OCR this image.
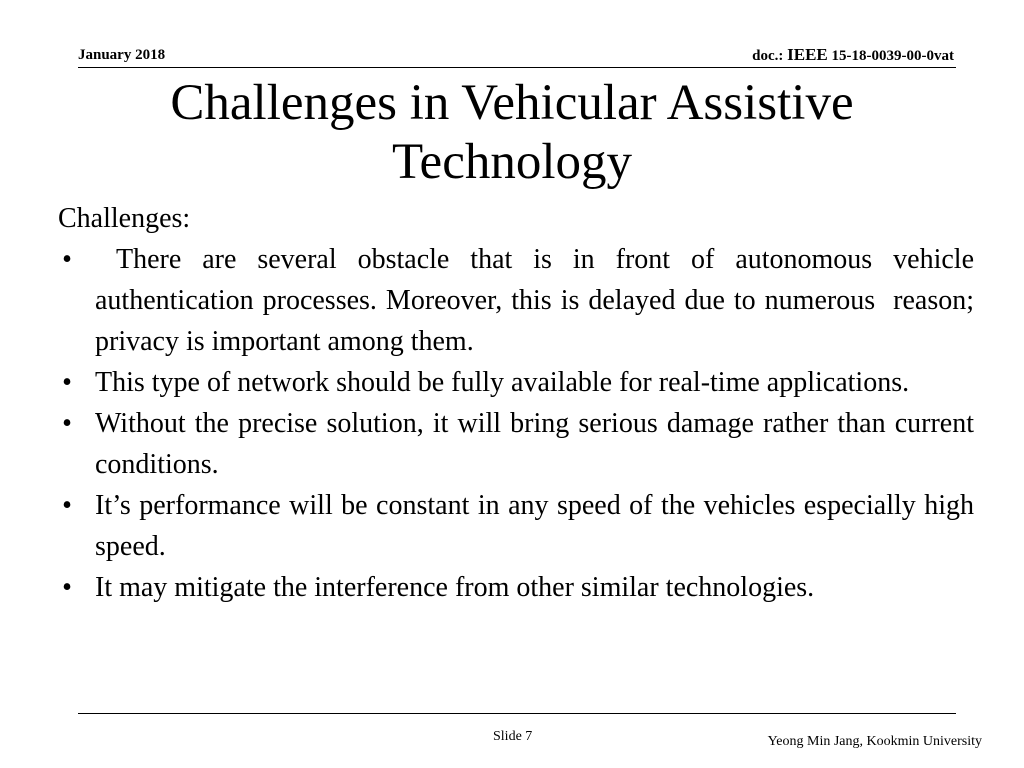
January 2018	doc.: IEEE 15-18-0039-00-0vat
Challenges in Vehicular Assistive Technology
Challenges:
• There are several obstacle that is in front of autonomous vehicle authentication processes. Moreover, this is delayed due to numerous  reason; privacy is important among them.
• This type of network should be fully available for real-time applications.
• Without the precise solution, it will bring serious damage rather than current conditions.
• It’s performance will be constant in any speed of the vehicles especially high speed.
• It may mitigate the interference from other similar technologies.
Slide 7	Yeong Min Jang, Kookmin University
